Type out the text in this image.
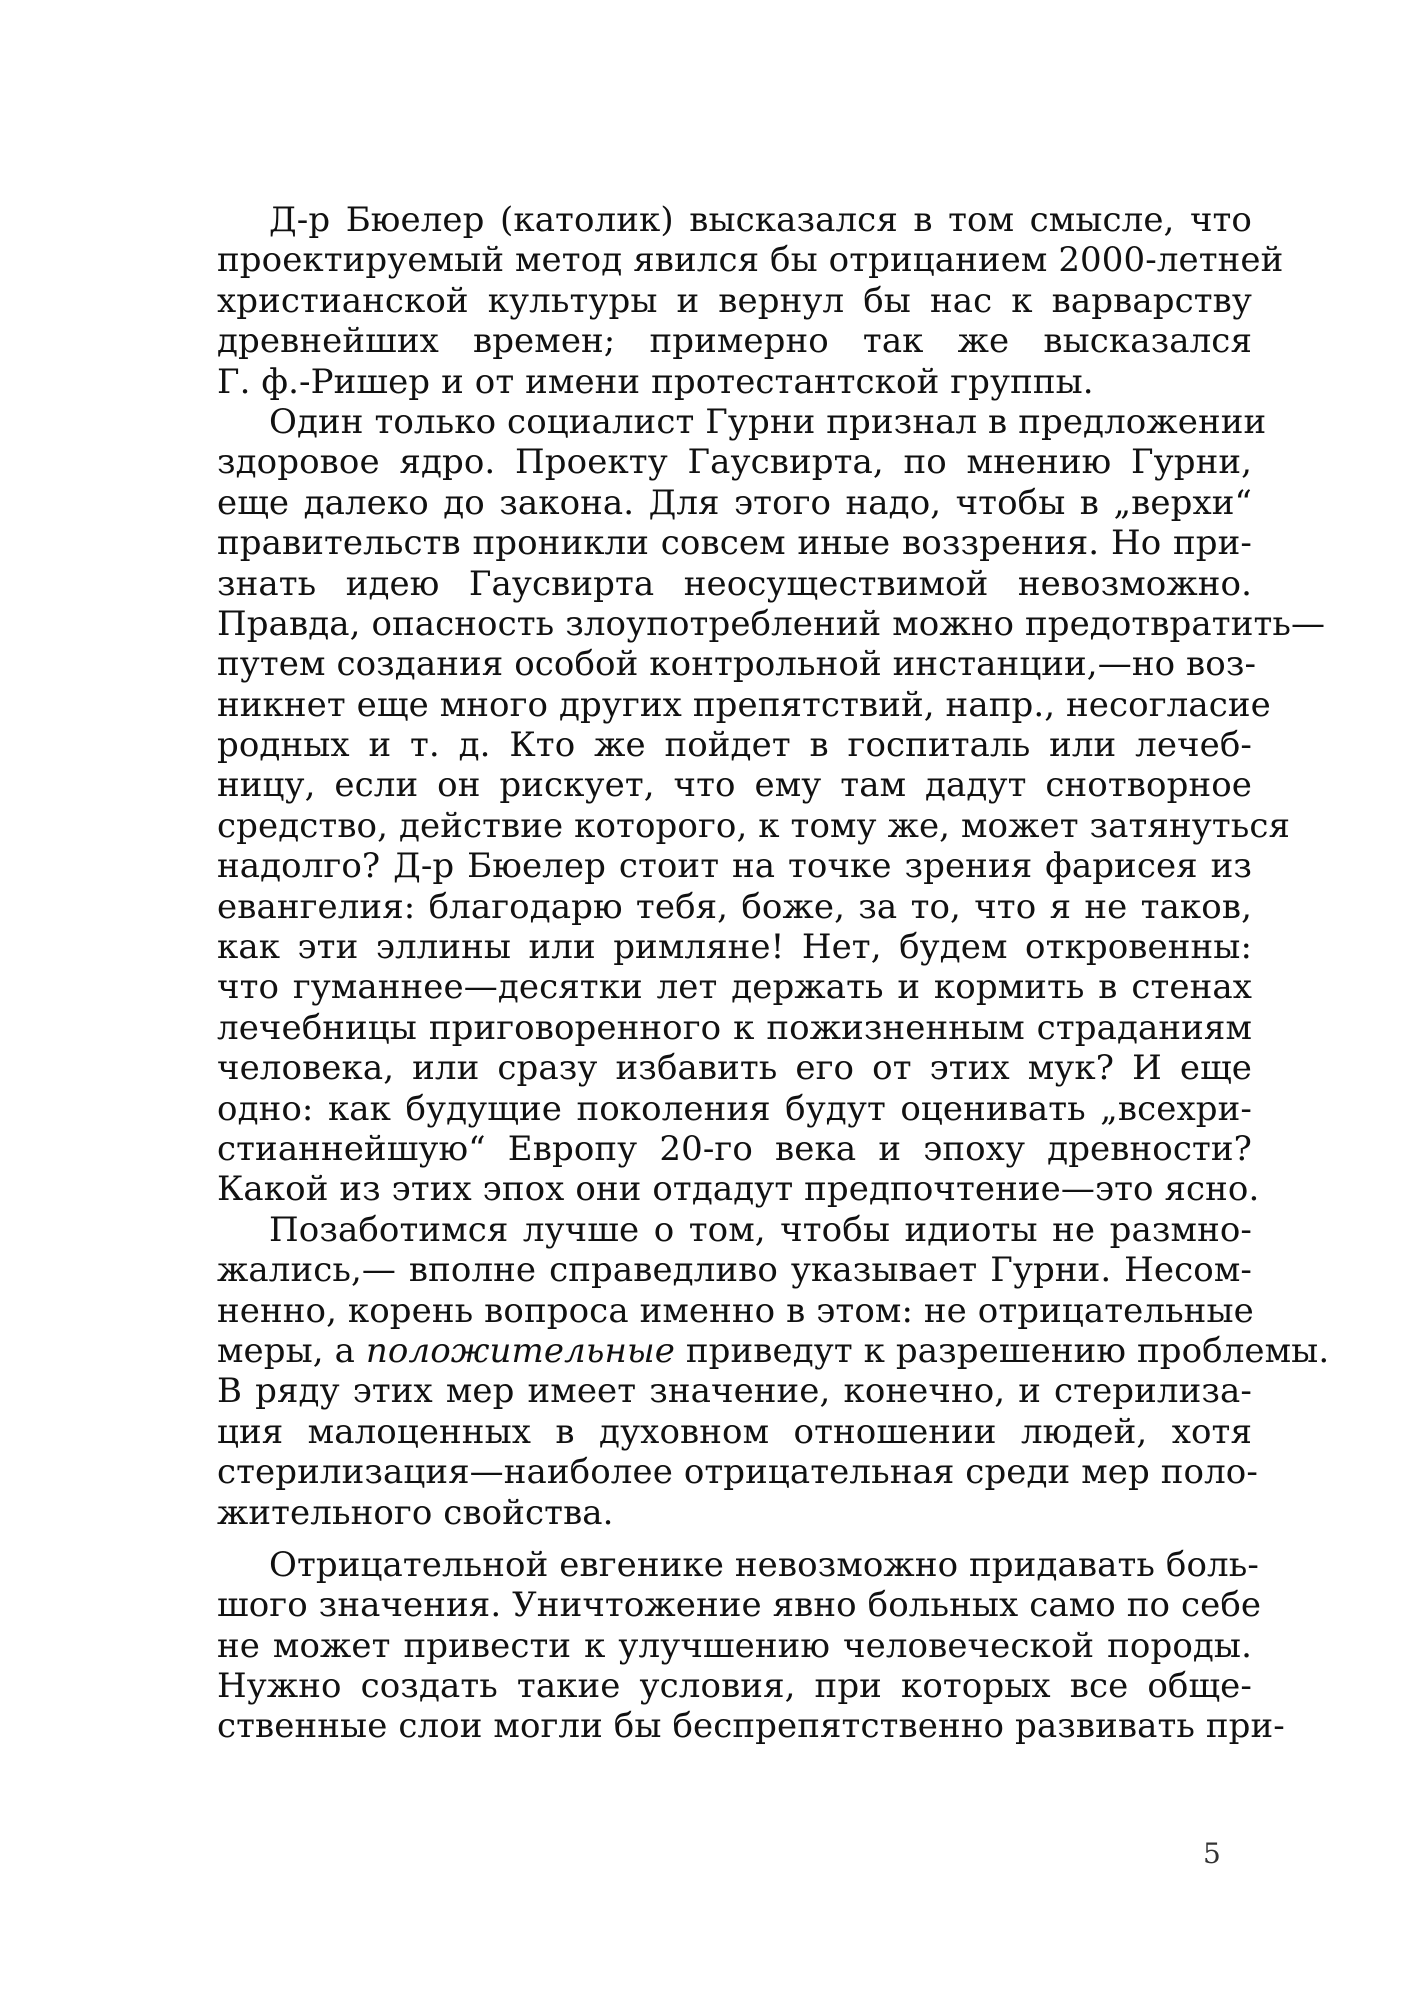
Д-р Бюелер (католик) высказался в том смысле, что
проектируемый метод явился бы отрицанием 2000-летней
христианской культуры и вернул бы нас к варварству
древнейших времен; примерно так же высказался
Г. ф.-Ришер и от имени протестантской группы.
Один только социалист Гурни признал в предложении
здоровое ядро. Проекту Гаусвирта, по мнению Гурни,
еще далеко до закона. Для этого надо, чтобы в „верхи“
правительств проникли совсем иные воззрения. Но при-
знать идею Гаусвирта неосуществимой невозможно.
Правда, опасность злоупотреблений можно предотвратить—
путем создания особой контрольной инстанции,—но воз-
никнет еще много других препятствий, напр., несогласие
родных и т. д. Кто же пойдет в госпиталь или лечеб-
ницу, если он рискует, что ему там дадут снотворное
средство, действие которого, к тому же, может затянуться
надолго? Д-р Бюелер стоит на точке зрения фарисея из
евангелия: благодарю тебя, боже, за то, что я не таков,
как эти эллины или римляне! Нет, будем откровенны:
что гуманнее—десятки лет держать и кормить в стенах
лечебницы приговоренного к пожизненным страданиям
человека, или сразу избавить его от этих мук? И еще
одно: как будущие поколения будут оценивать „всехри-
стианнейшую“ Европу 20-го века и эпоху древности?
Какой из этих эпох они отдадут предпочтение—это ясно.
Позаботимся лучше о том, чтобы идиоты не размно-
жались,— вполне справедливо указывает Гурни. Несом-
ненно, корень вопроса именно в этом: не отрицательные
меры, а положительные приведут к разрешению проблемы.
В ряду этих мер имеет значение, конечно, и стерилиза-
ция малоценных в духовном отношении людей, хотя
стерилизация—наиболее отрицательная среди мер поло-
жительного свойства.
Отрицательной евгенике невозможно придавать боль-
шого значения. Уничтожение явно больных само по себе
не может привести к улучшению человеческой породы.
Нужно создать такие условия, при которых все обще-
ственные слои могли бы беспрепятственно развивать при-
5
